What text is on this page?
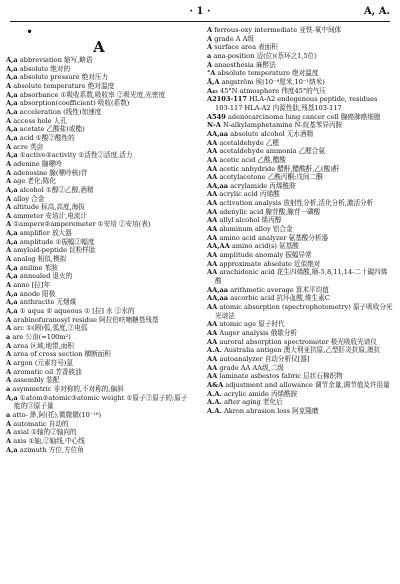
· 1 ·	A, A.
•
A
A,a abbreviation 缩写,略语
A,a absolute 绝对的
A,a absolute pressure 绝对压力
A absolute temperature 绝对温度
A,a absorbance ①吸收系数,吸收率 ②吸光度,光密度
A,a absorption(coefficient) 吸收(系数)
A,a acceleration (线性)加速度
A access hole 人孔
A,a acetate 乙酸盐(或酯)
A,a acid ①酸②酸性的
A acre 英亩
A,a ①active②activity ①活性②活度,活力
A adenine 腺嘌呤
A adenosine 腺(嘌呤核)苷
A age 老化;陈化
A,a alcohol ①醇②乙醇,酒精
A alloy 合金
A altitude 标高,高度,海拔
A ammeter 安培计,电流计
A ①ampere②amperemeter ①安培 ②安培(表)
A,a amplifier 放大器
A,a amplitude ①振幅②幅度
A amyloid-peptide 淀粉样肽
A analog 相似,模拟
A,a aniline 苯胺
A,a annealed 退火的
A anno [拉]年
A,a anode 阳极
A,a anthracite 无烟煤
A,a ① aqua ② aqueous ① [拉] 水 ②水的
A arabinofuranosyl residue 阿拉伯呋喃糖基残基
A arc ①(圆)弧,弧度,②电弧
a are 公亩(=100m²)
A area 区域,地带,面积
A area of cross section 横断面积
A argon (元素符号)氩
A aromatic oil 芳香族油
A assembly 装配
a asymmetric 非对称的,不对称的,偏斜
A,a ①atom②atomic③atomic weight ①原子②原子的;原子能的③原子量
a atto- 渺,阿(托),微微微(10⁻¹⁸)
A automatic 自动的
A axial ①轴的②轴向的
A axis ①轴,②轴线,中心线
A,a azimuth 方位,方位角
A ferrous-oxy intermediate 亚铁-氧中间体
A grade A A级
A surface area 表面积
a ana-position 迈(位)(萘环之1,5位)
A anaesthesia 麻醉法
°A absolute temperature 绝对温度
Å,A angström 埃(10⁻⁸厘米,10⁻¹纳米)
A₄₅ 45°N atmosphere 伟度45°的气压
A2103-117 HLA-A2 endogenous peptide, residues 103-117 HLA-A2 内源性肽,残基103-117
A549 adenocarcinoma lung cancer cell 腺癌肺癌细胞
N-A N-alkylamphetamine N-烷基苯异丙胺
AA,aa absolute alcohol 无水酒精
AA acetaldehyde 乙醛
AA acetaldehyde ammonia 乙醛合氨
AA acetic acid 乙酸,醋酸
AA acetic anhydride 醋酐,醋酸酐,乙(酸)酐
AA acetylacetone 乙酰丙酮;戊间二酮
AA,aa acrylamide 丙烯酰胺
AA acrylic acid 丙烯酸
AA activation analysis 放射性分析,活化分析,激活分析
AA adenylic acid 腺苷酸,腺苷一磷酸
AA allyl alcohol 烯丙醇
AA aluminum alloy 铝合金
AA amino acid analyzer 氨基酸分析器
AA,AA amino acid(s) 氨基酸
AA amplitude anomaly 振幅异常
AA approximate absolute 近似绝对
AA arachidonic acid 花生四烯酸,顺-5,8,11,14-二十碳四烯酸
AA,aa arithmetic average 算术平均值
AA,aa ascorbic acid 抗坏血酸,维生素C
AA atomic absorption (spectrophotometry) 原子吸收分光光谱法
AA atomic age 原子时代
AA Auger analysis 俄歇分析
AA auroral absorption spectrometer 极光吸收光谱仪
A.A. Australia antigen 澳大利亚抗原,乙型肝炎抗原,澳抗
AA autoanalyzer 自动分析仪[器]
AA grade AA AA级,二级
AA laminate asbestos fabric 层状石棉织物
A&A adjustment and allowance 调节余量,调节值及许用量
A.A. acrylic amide 丙烯酰胺
A.A. after aging 老化后
A.A. Akron abrasion loss 阿克隆磨
